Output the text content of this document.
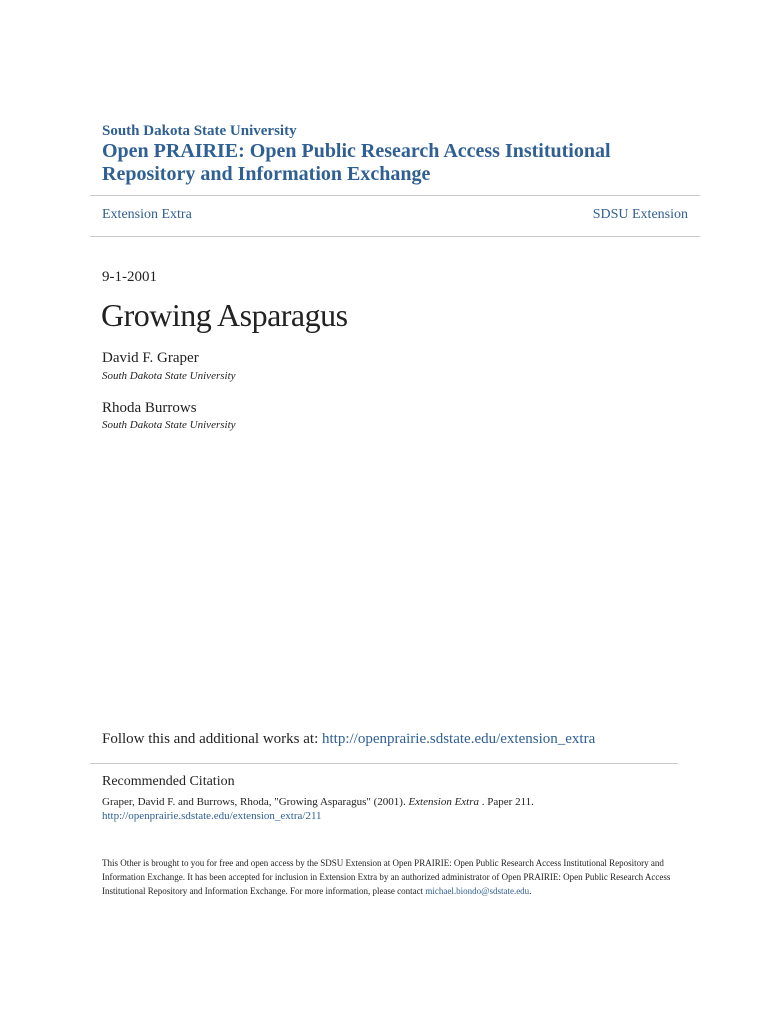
South Dakota State University
Open PRAIRIE: Open Public Research Access Institutional Repository and Information Exchange
Extension Extra	SDSU Extension
9-1-2001
Growing Asparagus
David F. Graper
South Dakota State University
Rhoda Burrows
South Dakota State University
Follow this and additional works at: http://openprairie.sdstate.edu/extension_extra
Recommended Citation
Graper, David F. and Burrows, Rhoda, "Growing Asparagus" (2001). Extension Extra . Paper 211.
http://openprairie.sdstate.edu/extension_extra/211
This Other is brought to you for free and open access by the SDSU Extension at Open PRAIRIE: Open Public Research Access Institutional Repository and Information Exchange. It has been accepted for inclusion in Extension Extra by an authorized administrator of Open PRAIRIE: Open Public Research Access Institutional Repository and Information Exchange. For more information, please contact michael.biondo@sdstate.edu.
